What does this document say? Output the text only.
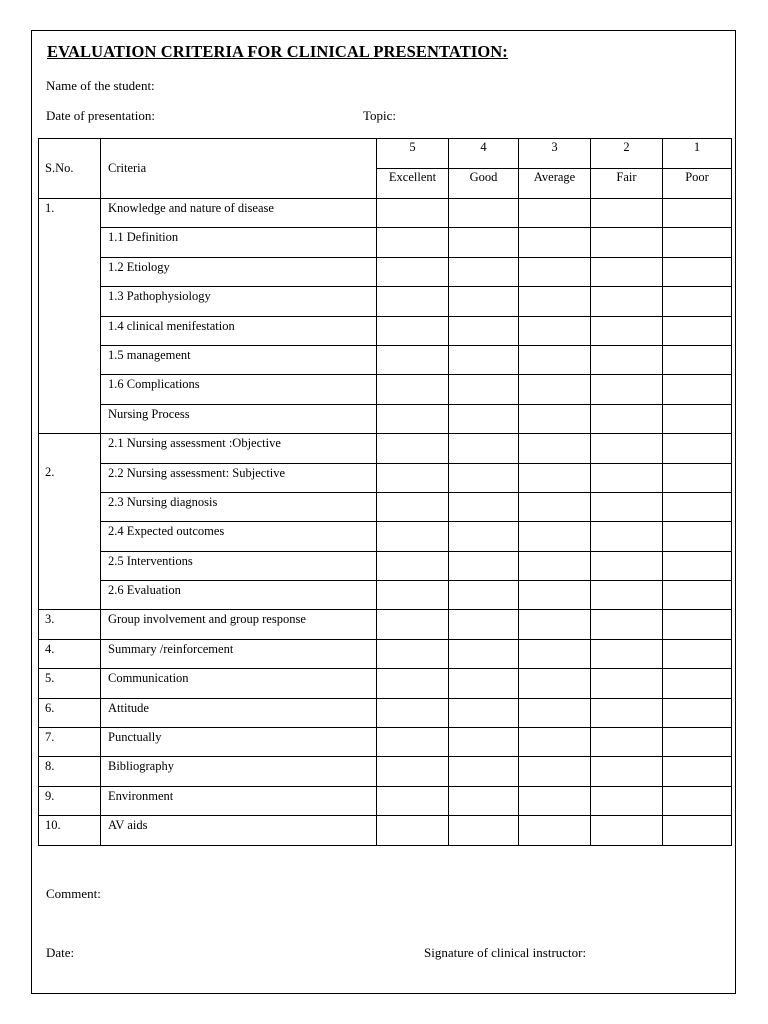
EVALUATION CRITERIA FOR CLINICAL PRESENTATION:
Name of the student:
Date of presentation:	Topic:
S.No.	Criteria	5	4	3	2	1
		Excellent	Good	Average	Fair	Poor
1.	Knowledge and nature of disease					
	1.1 Definition					
	1.2 Etiology					
	1.3 Pathophysiology					
	1.4 clinical menifestation					
	1.5 management					
	1.6 Complications					
	Nursing Process					
	2.1 Nursing assessment :Objective					
2.	2.2 Nursing assessment: Subjective					
	2.3 Nursing diagnosis					
	2.4 Expected outcomes					
	2.5 Interventions					
	2.6 Evaluation					
3.	Group involvement and group response					
4.	Summary /reinforcement					
5.	Communication					
6.	Attitude					
7.	Punctually					
8.	Bibliography					
9.	Environment					
10.	AV aids					
Comment:
Date:	Signature of clinical instructor:
